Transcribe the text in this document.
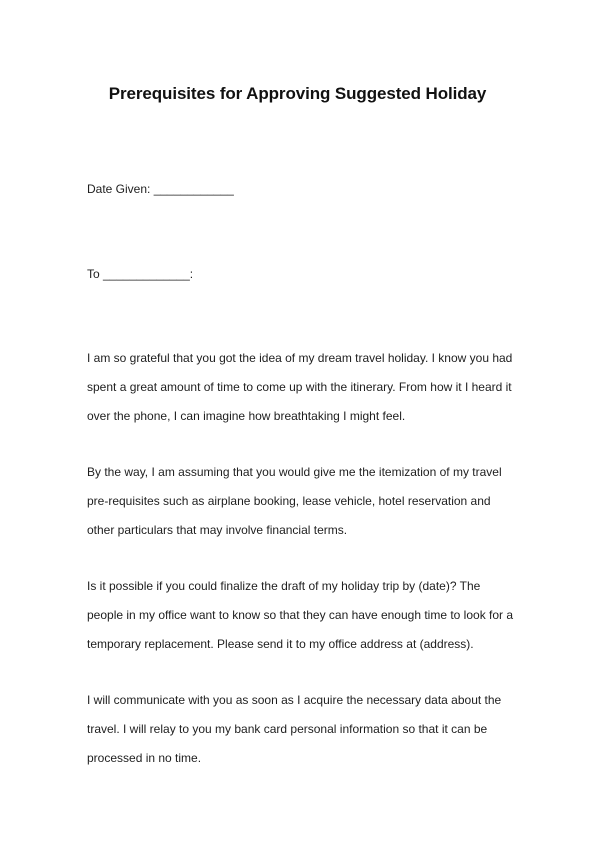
Prerequisites for Approving Suggested Holiday
Date Given: ____________
To _____________:

I am so grateful that you got the idea of my dream travel holiday. I know you had
spent a great amount of time to come up with the itinerary. From how it I heard it
over the phone, I can imagine how breathtaking I might feel.

By the way, I am assuming that you would give me the itemization of my travel
pre-requisites such as airplane booking, lease vehicle, hotel reservation and
other particulars that may involve financial terms.

Is it possible if you could finalize the draft of my holiday trip by (date)? The
people in my office want to know so that they can have enough time to look for a
temporary replacement. Please send it to my office address at (address).

I will communicate with you as soon as I acquire the necessary data about the
travel. I will relay to you my bank card personal information so that it can be
processed in no time.
